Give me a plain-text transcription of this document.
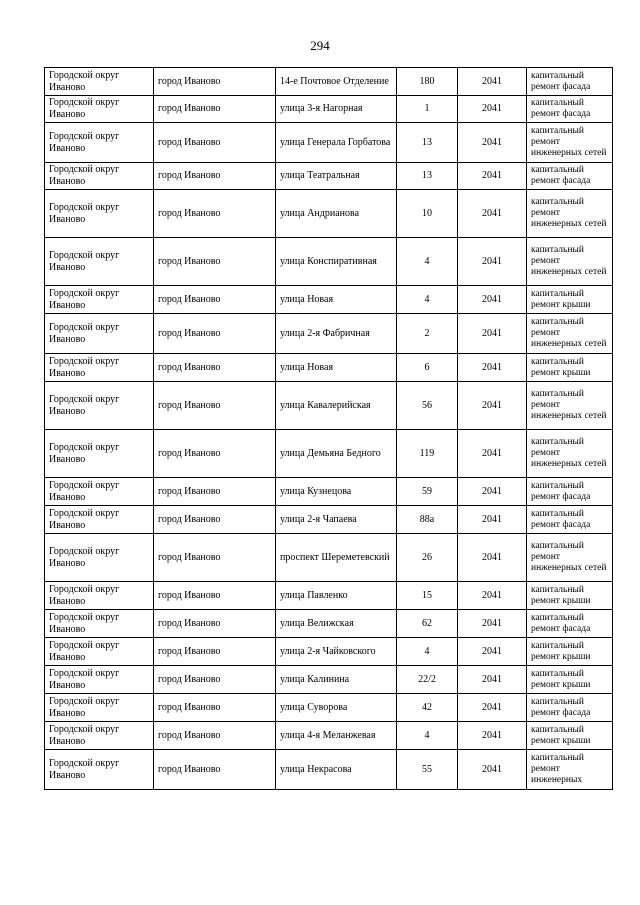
294
Городской округ Иваново	город Иваново	14-е Почтовое Отделение	180	2041	капитальный ремонт фасада
Городской округ Иваново	город Иваново	улица 3-я Нагорная	1	2041	капитальный ремонт фасада
Городской округ Иваново	город Иваново	улица Генерала Горбатова	13	2041	капитальный ремонт инженерных сетей
Городской округ Иваново	город Иваново	улица Театральная	13	2041	капитальный ремонт фасада
Городской округ Иваново	город Иваново	улица Андрианова	10	2041	капитальный ремонт инженерных сетей
Городской округ Иваново	город Иваново	улица Конспиративная	4	2041	капитальный ремонт инженерных сетей
Городской округ Иваново	город Иваново	улица Новая	4	2041	капитальный ремонт крыши
Городской округ Иваново	город Иваново	улица 2-я Фабричная	2	2041	капитальный ремонт инженерных сетей
Городской округ Иваново	город Иваново	улица Новая	6	2041	капитальный ремонт крыши
Городской округ Иваново	город Иваново	улица Кавалерийская	56	2041	капитальный ремонт инженерных сетей
Городской округ Иваново	город Иваново	улица Демьяна Бедного	119	2041	капитальный ремонт инженерных сетей
Городской округ Иваново	город Иваново	улица Кузнецова	59	2041	капитальный ремонт фасада
Городской округ Иваново	город Иваново	улица 2-я Чапаева	88а	2041	капитальный ремонт фасада
Городской округ Иваново	город Иваново	проспект Шереметевский	26	2041	капитальный ремонт инженерных сетей
Городской округ Иваново	город Иваново	улица Павленко	15	2041	капитальный ремонт крыши
Городской округ Иваново	город Иваново	улица Велижская	62	2041	капитальный ремонт фасада
Городской округ Иваново	город Иваново	улица 2-я Чайковского	4	2041	капитальный ремонт крыши
Городской округ Иваново	город Иваново	улица Калинина	22/2	2041	капитальный ремонт крыши
Городской округ Иваново	город Иваново	улица Суворова	42	2041	капитальный ремонт фасада
Городской округ Иваново	город Иваново	улица 4-я Меланжевая	4	2041	капитальный ремонт крыши
Городской округ Иваново	город Иваново	улица Некрасова	55	2041	капитальный ремонт инженерных
